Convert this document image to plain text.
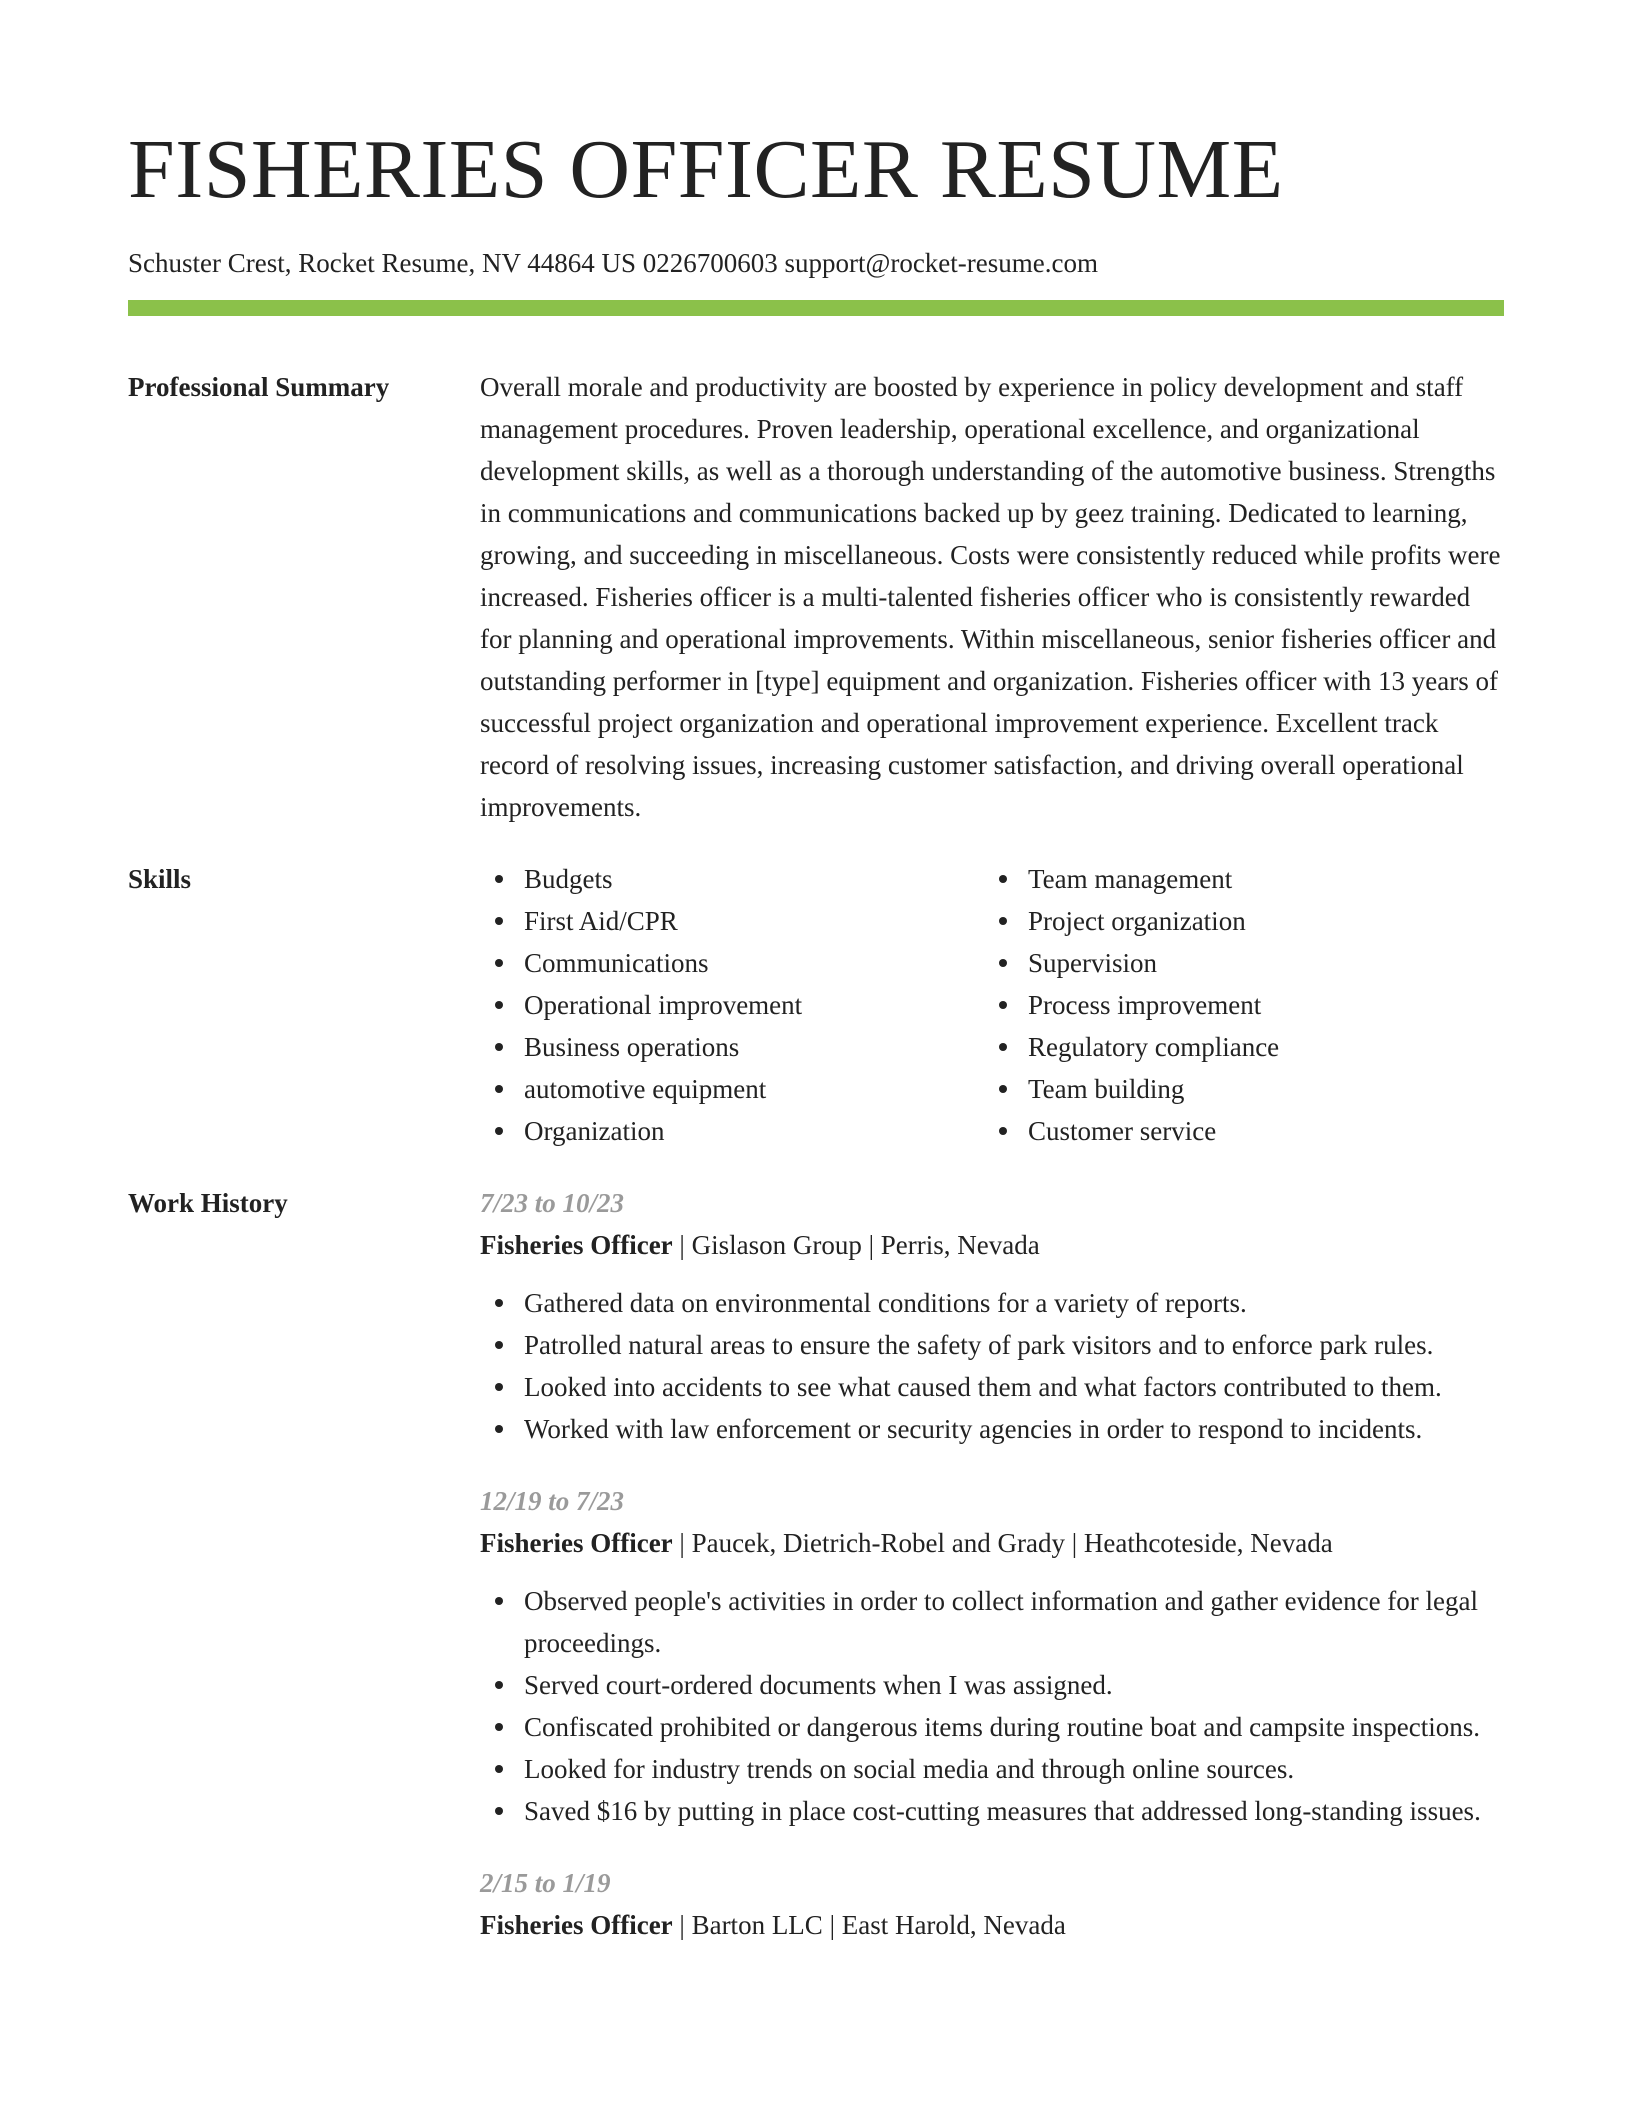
FISHERIES OFFICER RESUME
Schuster Crest, Rocket Resume, NV 44864 US 0226700603 support@rocket-resume.com
Professional Summary	Overall morale and productivity are boosted by experience in policy development and staff management procedures. Proven leadership, operational excellence, and organizational development skills, as well as a thorough understanding of the automotive business. Strengths in communications and communications backed up by geez training. Dedicated to learning, growing, and succeeding in miscellaneous. Costs were consistently reduced while profits were increased. Fisheries officer is a multi-talented fisheries officer who is consistently rewarded for planning and operational improvements. Within miscellaneous, senior fisheries officer and outstanding performer in [type] equipment and organization. Fisheries officer with 13 years of successful project organization and operational improvement experience. Excellent track record of resolving issues, increasing customer satisfaction, and driving overall operational improvements.
Skills	Budgets
First Aid/CPR
Communications
Operational improvement
Business operations
automotive equipment
Organization
Team management
Project organization
Supervision
Process improvement
Regulatory compliance
Team building
Customer service
Work History	7/23 to 10/23
Fisheries Officer | Gislason Group | Perris, Nevada
Gathered data on environmental conditions for a variety of reports.
Patrolled natural areas to ensure the safety of park visitors and to enforce park rules.
Looked into accidents to see what caused them and what factors contributed to them.
Worked with law enforcement or security agencies in order to respond to incidents.
12/19 to 7/23
Fisheries Officer | Paucek, Dietrich-Robel and Grady | Heathcoteside, Nevada
Observed people's activities in order to collect information and gather evidence for legal proceedings.
Served court-ordered documents when I was assigned.
Confiscated prohibited or dangerous items during routine boat and campsite inspections.
Looked for industry trends on social media and through online sources.
Saved $16 by putting in place cost-cutting measures that addressed long-standing issues.
2/15 to 1/19
Fisheries Officer | Barton LLC | East Harold, Nevada
